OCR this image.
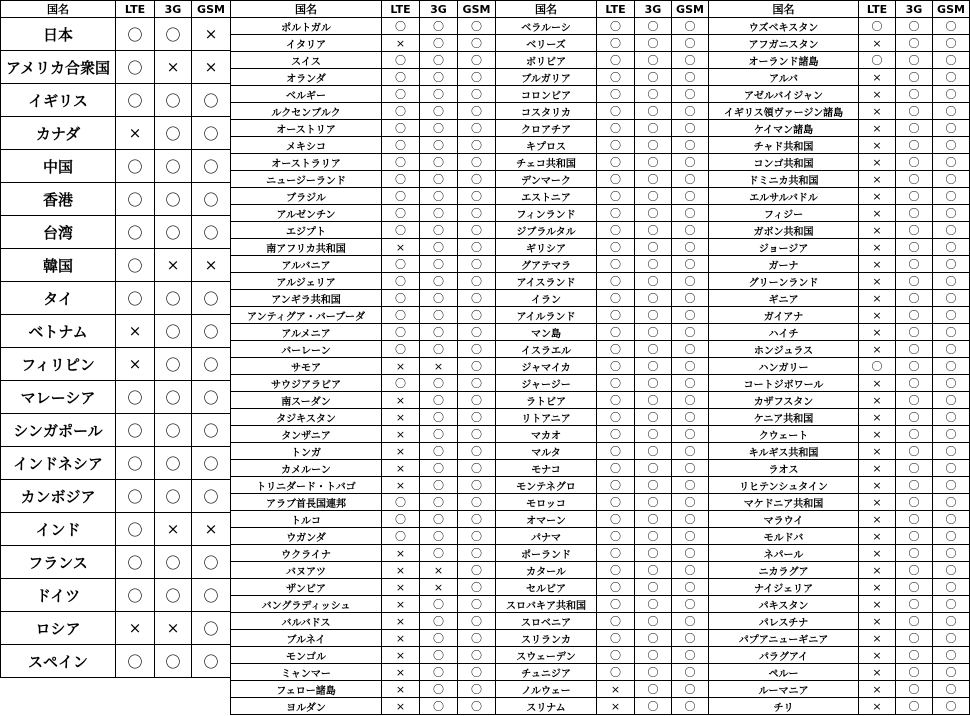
国名	LTE	3G	GSM
日本	〇	〇	×
アメリカ合衆国	〇	×	×
イギリス	〇	〇	〇
カナダ	×	〇	〇
中国	〇	〇	〇
香港	〇	〇	〇
台湾	〇	〇	〇
韓国	〇	×	×
タイ	〇	〇	〇
ベトナム	×	〇	〇
フィリピン	×	〇	〇
マレーシア	〇	〇	〇
シンガポール	〇	〇	〇
インドネシア	〇	〇	〇
カンボジア	〇	〇	〇
インド	〇	×	×
フランス	〇	〇	〇
ドイツ	〇	〇	〇
ロシア	×	×	〇
スペイン	〇	〇	〇
国名	LTE	3G	GSM
ポルトガル	〇	〇	〇
イタリア	×	〇	〇
スイス	〇	〇	〇
オランダ	〇	〇	〇
ベルギー	〇	〇	〇
ルクセンブルク	〇	〇	〇
オーストリア	〇	〇	〇
メキシコ	〇	〇	〇
オーストラリア	〇	〇	〇
ニュージーランド	〇	〇	〇
ブラジル	〇	〇	〇
アルゼンチン	〇	〇	〇
エジプト	〇	〇	〇
南アフリカ共和国	×	〇	〇
アルバニア	〇	〇	〇
アルジェリア	〇	〇	〇
アンギラ共和国	〇	〇	〇
アンティグア・バーブーダ	〇	〇	〇
アルメニア	〇	〇	〇
バーレーン	〇	〇	〇
サモア	×	×	〇
サウジアラビア	〇	〇	〇
南スーダン	×	〇	〇
タジキスタン	×	〇	〇
タンザニア	×	〇	〇
トンガ	×	〇	〇
カメルーン	×	〇	〇
トリニダード・トバゴ	×	〇	〇
アラブ首長国連邦	〇	〇	〇
トルコ	〇	〇	〇
ウガンダ	〇	〇	〇
ウクライナ	×	〇	〇
バヌアツ	×	×	〇
ザンビア	×	×	〇
バングラディッシュ	×	〇	〇
バルバドス	×	〇	〇
ブルネイ	×	〇	〇
モンゴル	×	〇	〇
ミャンマー	×	〇	〇
フェロー諸島	×	〇	〇
ヨルダン	×	〇	〇
国名	LTE	3G	GSM
ベラルーシ	〇	〇	〇
ベリーズ	〇	〇	〇
ボリビア	〇	〇	〇
ブルガリア	〇	〇	〇
コロンビア	〇	〇	〇
コスタリカ	〇	〇	〇
クロアチア	〇	〇	〇
キプロス	〇	〇	〇
チェコ共和国	〇	〇	〇
デンマーク	〇	〇	〇
エストニア	〇	〇	〇
フィンランド	〇	〇	〇
ジブラルタル	〇	〇	〇
ギリシア	〇	〇	〇
グアテマラ	〇	〇	〇
アイスランド	〇	〇	〇
イラン	〇	〇	〇
アイルランド	〇	〇	〇
マン島	〇	〇	〇
イスラエル	〇	〇	〇
ジャマイカ	〇	〇	〇
ジャージー	〇	〇	〇
ラトビア	〇	〇	〇
リトアニア	〇	〇	〇
マカオ	〇	〇	〇
マルタ	〇	〇	〇
モナコ	〇	〇	〇
モンテネグロ	〇	〇	〇
モロッコ	〇	〇	〇
オマーン	〇	〇	〇
パナマ	〇	〇	〇
ポーランド	〇	〇	〇
カタール	〇	〇	〇
セルビア	〇	〇	〇
スロバキア共和国	〇	〇	〇
スロベニア	〇	〇	〇
スリランカ	〇	〇	〇
スウェーデン	〇	〇	〇
チュニジア	〇	〇	〇
ノルウェー	×	〇	〇
スリナム	×	〇	〇
国名	LTE	3G	GSM
ウズベキスタン	〇	〇	〇
アフガニスタン	×	〇	〇
オーランド諸島	〇	〇	〇
アルバ	×	〇	〇
アゼルバイジャン	×	〇	〇
イギリス領ヴァージン諸島	×	〇	〇
ケイマン諸島	×	〇	〇
チャド共和国	×	〇	〇
コンゴ共和国	×	〇	〇
ドミニカ共和国	×	〇	〇
エルサルバドル	×	〇	〇
フィジー	×	〇	〇
ガボン共和国	×	〇	〇
ジョージア	×	〇	〇
ガーナ	×	〇	〇
グリーンランド	×	〇	〇
ギニア	×	〇	〇
ガイアナ	×	〇	〇
ハイチ	×	〇	〇
ホンジュラス	×	〇	〇
ハンガリー	〇	〇	〇
コートジボワール	×	〇	〇
カザフスタン	×	〇	〇
ケニア共和国	×	〇	〇
クウェート	×	〇	〇
キルギス共和国	×	〇	〇
ラオス	×	〇	〇
リヒテンシュタイン	×	〇	〇
マケドニア共和国	×	〇	〇
マラウイ	×	〇	〇
モルドバ	×	〇	〇
ネパール	×	〇	〇
ニカラグア	×	〇	〇
ナイジェリア	×	〇	〇
パキスタン	×	〇	〇
パレスチナ	×	〇	〇
パプアニューギニア	×	〇	〇
パラグアイ	×	〇	〇
ペルー	×	〇	〇
ルーマニア	×	〇	〇
チリ	×	〇	〇
